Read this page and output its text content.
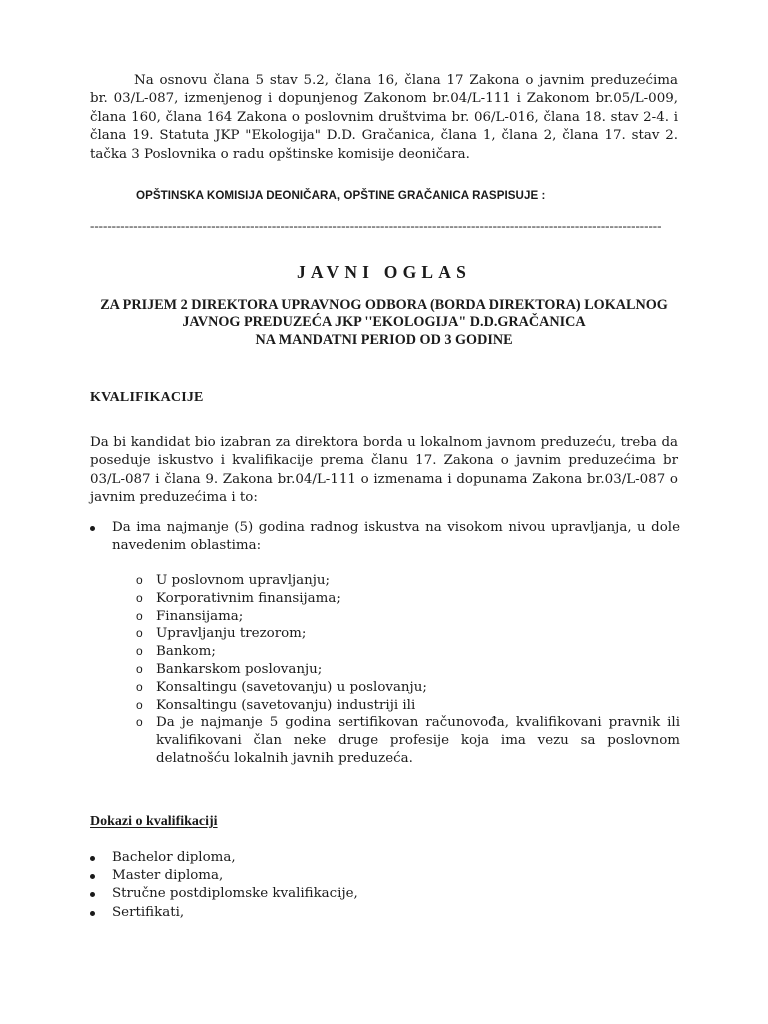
Na osnovu člana 5 stav 5.2, člana 16, člana 17 Zakona o javnim preduzećima br. 03/L-087, izmenjenog i dopunjenog Zakonom br.04/L-111 i Zakonom br.05/L-009, člana 160, člana 164 Zakona o poslovnim društvima br. 06/L-016, člana 18. stav 2-4. i člana 19. Statuta JKP "Ekologija" D.D. Gračanica, člana 1, člana 2, člana 17. stav 2. tačka 3 Poslovnika o radu opštinske komisije deoničara.

OPŠTINSKA KOMISIJA DEONIČARA, OPŠTINE GRAČANICA RASPISUJE :

------------------------------------------------------------------------------------------------------------------------------------

JAVNI OGLAS
ZA PRIJEM 2 DIREKTORA UPRAVNOG ODBORA (BORDA DIREKTORA) LOKALNOG
JAVNOG PREDUZEĆA JKP ''EKOLOGIJA" D.D.GRAČANICA
NA MANDATNI PERIOD OD 3 GODINE
KVALIFIKACIJE

Da bi kandidat bio izabran za direktora borda u lokalnom javnom preduzeću, treba da poseduje iskustvo i kvalifikacije prema članu 17. Zakona o javnim preduzećima br 03/L-087 i člana 9. Zakona br.04/L-111 o izmenama i dopunama Zakona br.03/L-087 o javnim preduzećima i to:

Da ima najmanje (5) godina radnog iskustva na visokom nivou upravljanja, u dole navedenim oblastima:
o U poslovnom upravljanju;
o Korporativnim finansijama;
o Finansijama;
o Upravljanju trezorom;
o Bankom;
o Bankarskom poslovanju;
o Konsaltingu (savetovanju) u poslovanju;
o Konsaltingu (savetovanju) industriji ili
o Da je najmanje 5 godina sertifikovan računovođa, kvalifikovani pravnik ili kvalifikovani član neke druge profesije koja ima vezu sa poslovnom delatnošću lokalnih javnih preduzeća.
Dokazi o kvalifikaciji
Bachelor diploma,
Master diploma,
Stručne postdiplomske kvalifikacije,
Sertifikati,
